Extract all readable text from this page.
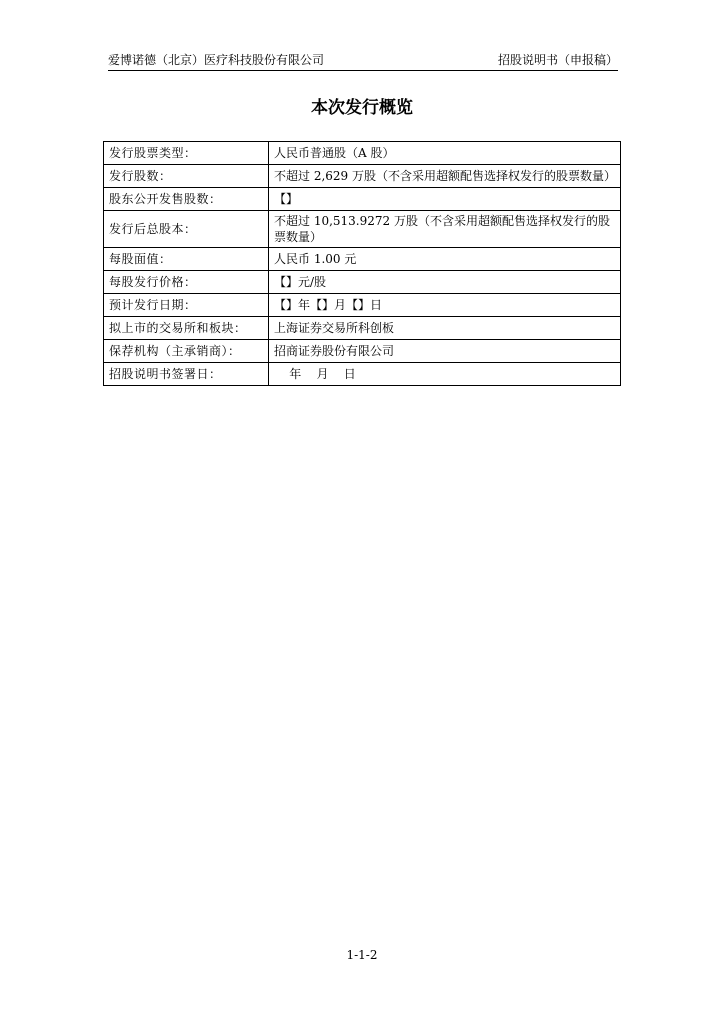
爱博诺德（北京）医疗科技股份有限公司	招股说明书（申报稿）
本次发行概览
发行股票类型：	人民币普通股（A 股）
发行股数：	不超过 2,629 万股（不含采用超额配售选择权发行的股票数量）
股东公开发售股数：	【】
发行后总股本：	不超过 10,513.9272 万股（不含采用超额配售选择权发行的股票数量）
每股面值：	人民币 1.00 元
每股发行价格：	【】元/股
预计发行日期：	【】年【】月【】日
拟上市的交易所和板块：	上海证券交易所科创板
保荐机构（主承销商）：	招商证券股份有限公司
招股说明书签署日：	年    月    日
1-1-2
